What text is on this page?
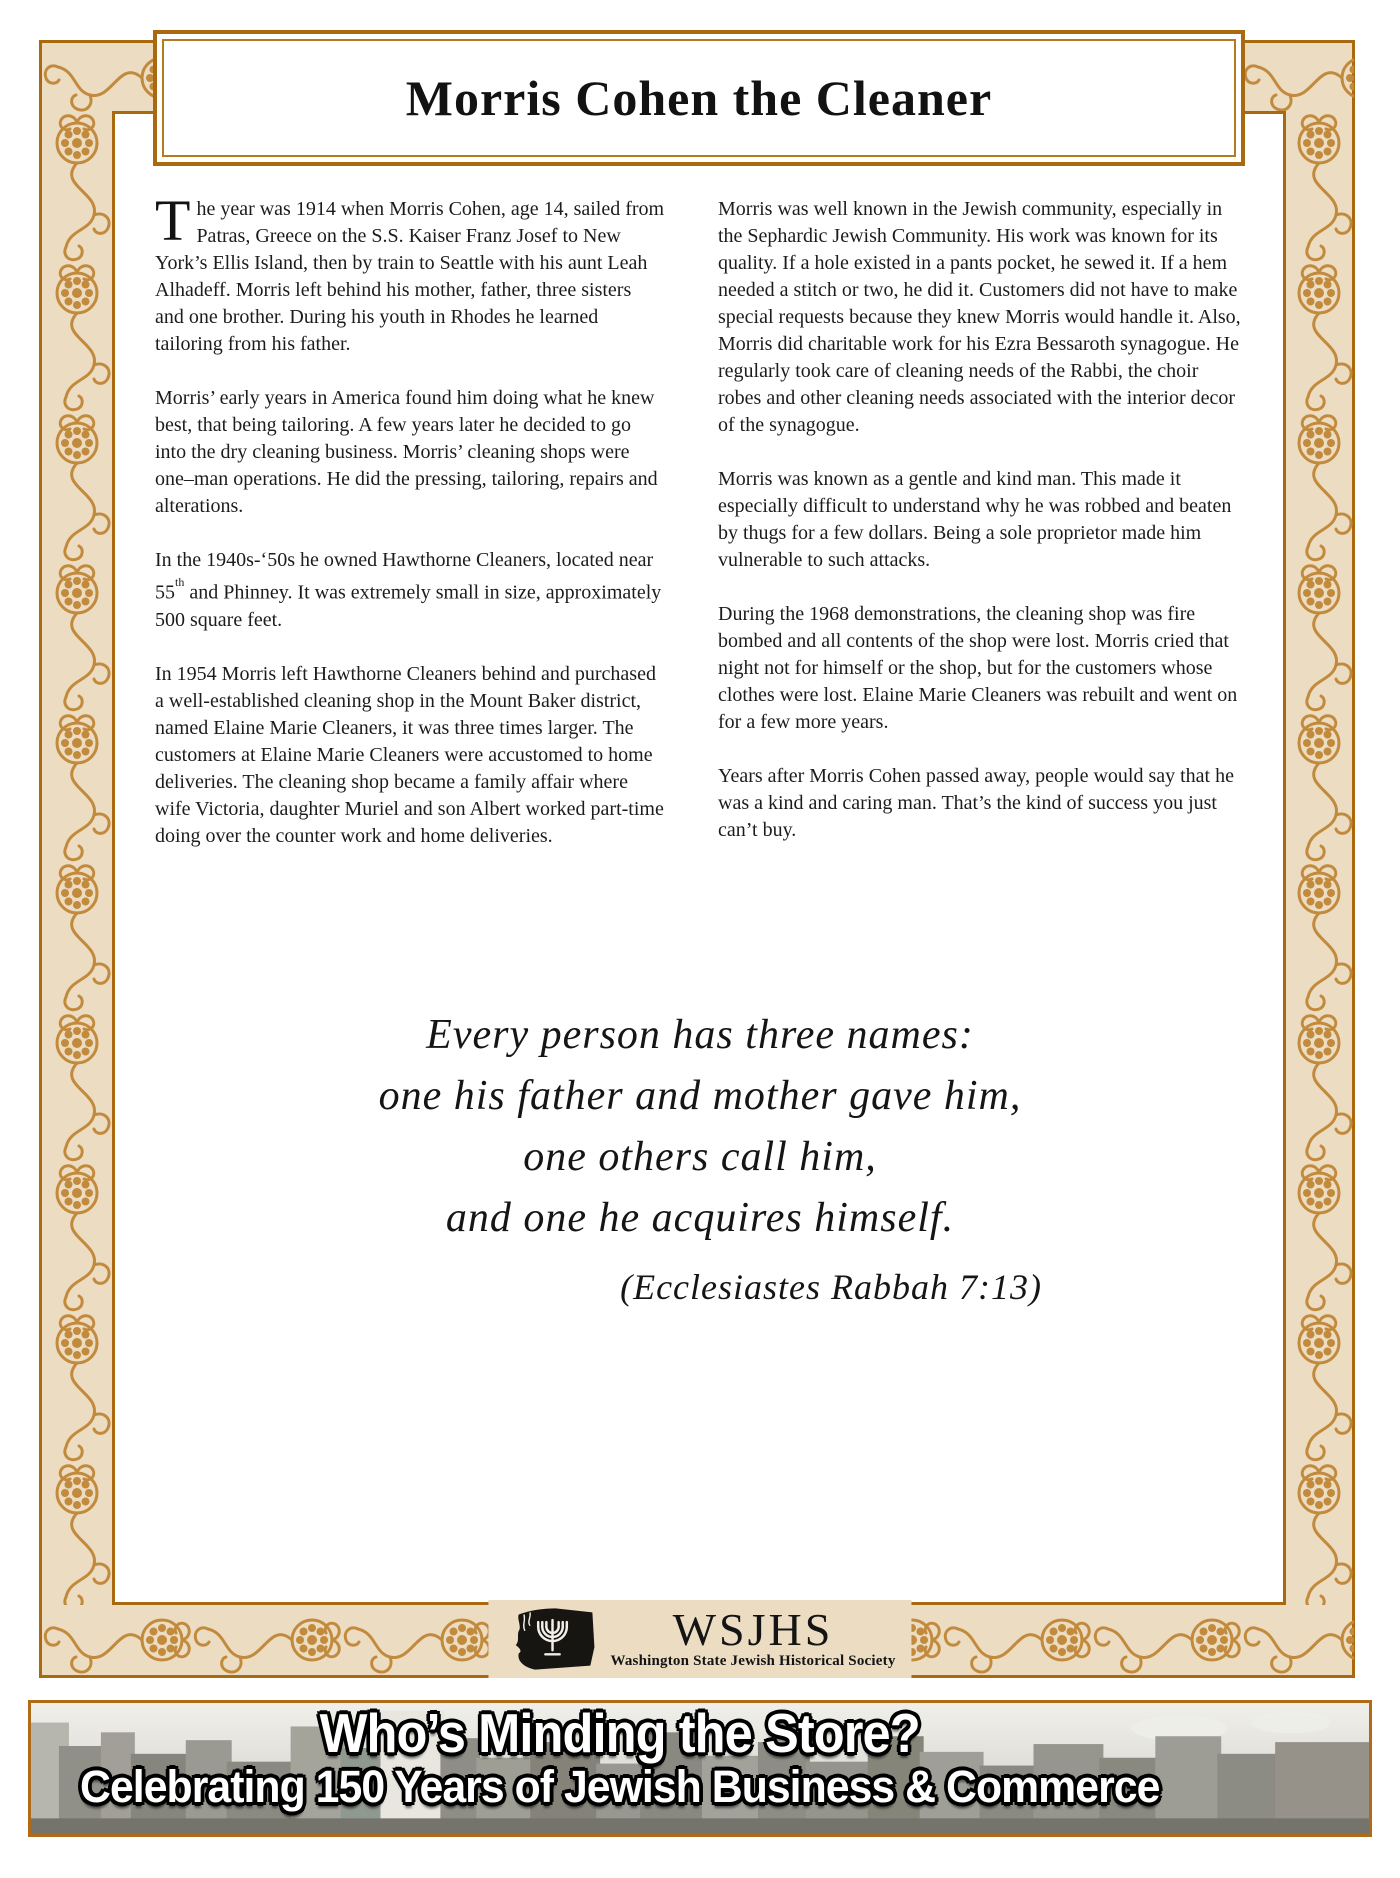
Morris Cohen the Cleaner

The year was 1914 when Morris Cohen, age 14, sailed from Patras, Greece on the S.S. Kaiser Franz Josef to New York’s Ellis Island, then by train to Seattle with his aunt Leah Alhadeff. Morris left behind his mother, father, three sisters and one brother. During his youth in Rhodes he learned tailoring from his father.

Morris’ early years in America found him doing what he knew best, that being tailoring. A few years later he decided to go into the dry cleaning business. Morris’ cleaning shops were one–man operations. He did the pressing, tailoring, repairs and alterations.

In the 1940s-‘50s he owned Hawthorne Cleaners, located near 55th and Phinney. It was extremely small in size, approximately 500 square feet.

In 1954 Morris left Hawthorne Cleaners behind and purchased a well-established cleaning shop in the Mount Baker district, named Elaine Marie Cleaners, it was three times larger. The customers at Elaine Marie Cleaners were accustomed to home deliveries. The cleaning shop became a family affair where wife Victoria, daughter Muriel and son Albert worked part-time doing over the counter work and home deliveries.

Morris was well known in the Jewish community, especially in the Sephardic Jewish Community. His work was known for its quality. If a hole existed in a pants pocket, he sewed it. If a hem needed a stitch or two, he did it. Customers did not have to make special requests because they knew Morris would handle it. Also, Morris did charitable work for his Ezra Bessaroth synagogue. He regularly took care of cleaning needs of the Rabbi, the choir robes and other cleaning needs associated with the interior decor of the synagogue.

Morris was known as a gentle and kind man. This made it especially difficult to understand why he was robbed and beaten by thugs for a few dollars. Being a sole proprietor made him vulnerable to such attacks.

During the 1968 demonstrations, the cleaning shop was fire bombed and all contents of the shop were lost. Morris cried that night not for himself or the shop, but for the customers whose clothes were lost. Elaine Marie Cleaners was rebuilt and went on for a few more years.

Years after Morris Cohen passed away, people would say that he was a kind and caring man. That’s the kind of success you just can’t buy.

Every person has three names:
one his father and mother gave him,
one others call him,
and one he acquires himself.
(Ecclesiastes Rabbah 7:13)
WSJHS
Washington State Jewish Historical Society
Who’s Minding the Store?
Celebrating 150 Years of Jewish Business & Commerce
